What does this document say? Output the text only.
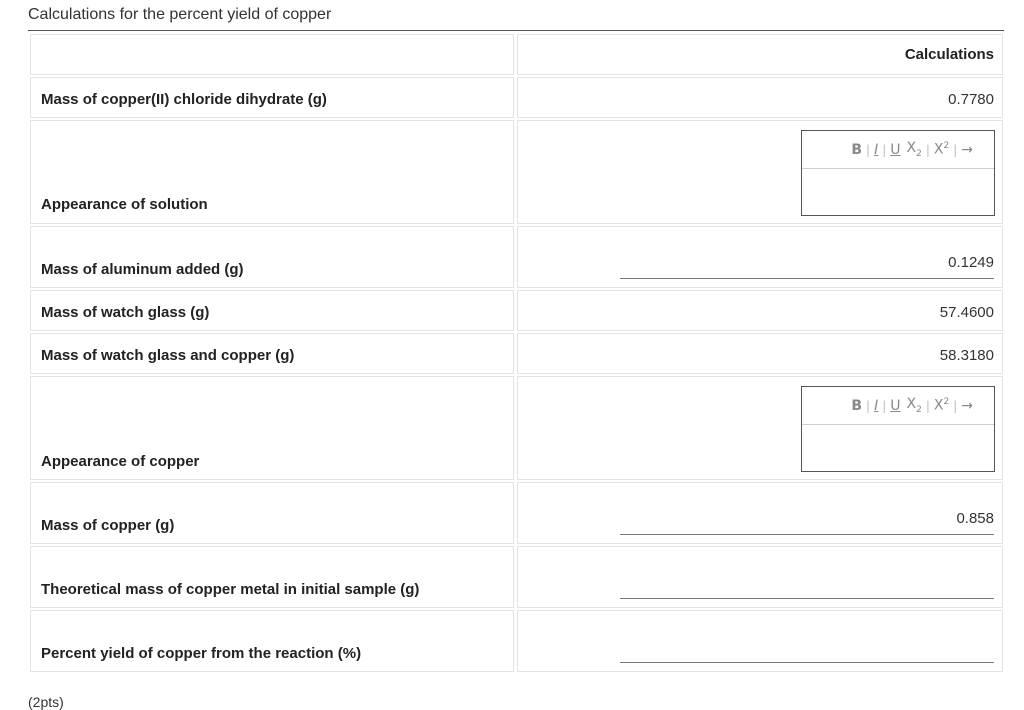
Calculations for the percent yield of copper
Calculations
Mass of copper(II) chloride dihydrate (g)	0.7780
Appearance of solution
B | I | U $X_2$ | $X^2$ | →
Mass of aluminum added (g)	0.1249
Mass of watch glass (g)	57.4600
Mass of watch glass and copper (g)	58.3180
Appearance of copper
B | I | U $X_2$ | $X^2$ | →
Mass of copper (g)	0.858
Theoretical mass of copper metal in initial sample (g)
Percent yield of copper from the reaction (%)
(2pts)
